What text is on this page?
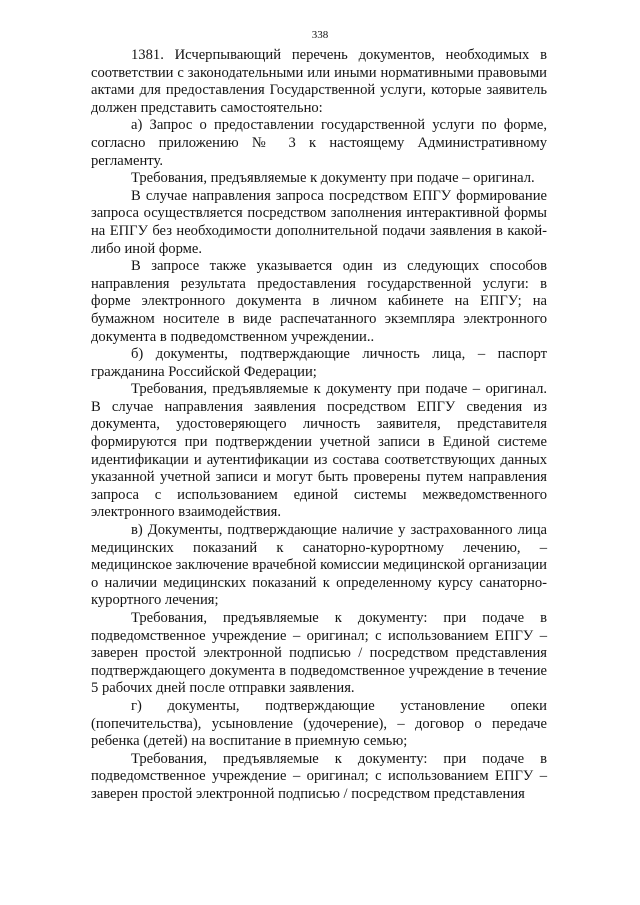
338

1381. Исчерпывающий перечень документов, необходимых в соответствии с законодательными или иными нормативными правовыми актами для предоставления Государственной услуги, которые заявитель должен представить самостоятельно:

а) Запрос о предоставлении государственной услуги по форме, согласно приложению № 3 к настоящему Административному регламенту.

Требования, предъявляемые к документу при подаче – оригинал.

В случае направления запроса посредством ЕПГУ формирование запроса осуществляется посредством заполнения интерактивной формы на ЕПГУ без необходимости дополнительной подачи заявления в какой-либо иной форме.

В запросе также указывается один из следующих способов направления результата предоставления государственной услуги: в форме электронного документа в личном кабинете на ЕПГУ; на бумажном носителе в виде распечатанного экземпляра электронного документа в подведомственном учреждении..

б) документы, подтверждающие личность лица, – паспорт гражданина Российской Федерации;

Требования, предъявляемые к документу при подаче – оригинал. В случае направления заявления посредством ЕПГУ сведения из документа, удостоверяющего личность заявителя, представителя формируются при подтверждении учетной записи в Единой системе идентификации и аутентификации из состава соответствующих данных указанной учетной записи и могут быть проверены путем направления запроса с использованием единой системы межведомственного электронного взаимодействия.

в) Документы, подтверждающие наличие у застрахованного лица медицинских показаний к санаторно-курортному лечению, – медицинское заключение врачебной комиссии медицинской организации о наличии медицинских показаний к определенному курсу санаторно-курортного лечения;

Требования, предъявляемые к документу: при подаче в подведомственное учреждение – оригинал; с использованием ЕПГУ – заверен простой электронной подписью / посредством представления подтверждающего документа в подведомственное учреждение в течение 5 рабочих дней после отправки заявления.

г) документы, подтверждающие установление опеки (попечительства), усыновление (удочерение), – договор о передаче ребенка (детей) на воспитание в приемную семью;

Требования, предъявляемые к документу: при подаче в подведомственное учреждение – оригинал; с использованием ЕПГУ – заверен простой электронной подписью / посредством представления
